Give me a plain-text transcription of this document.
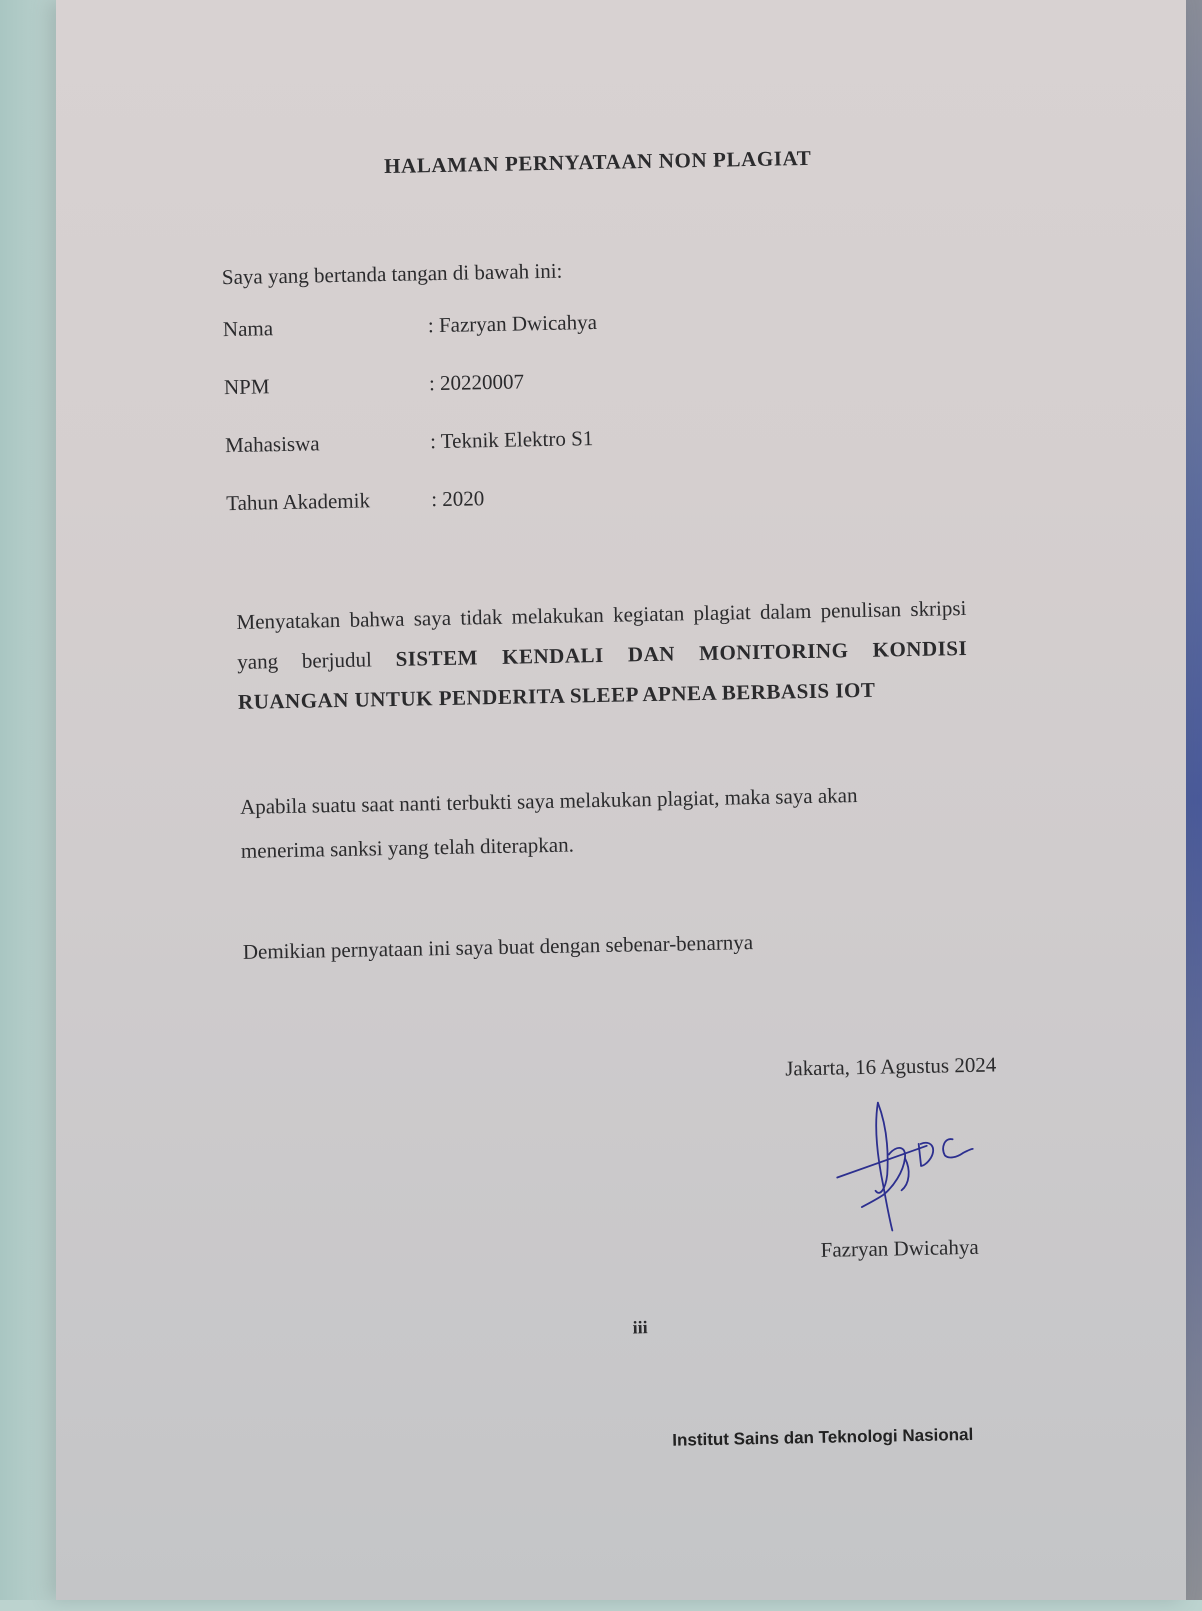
HALAMAN PERNYATAAN NON PLAGIAT
Saya yang bertanda tangan di bawah ini:
Nama	: Fazryan Dwicahya
NPM	: 20220007
Mahasiswa	: Teknik Elektro S1
Tahun Akademik	: 2020
Menyatakan bahwa saya tidak melakukan kegiatan plagiat dalam penulisan skripsi
yang berjudul SISTEM KENDALI DAN MONITORING KONDISI
RUANGAN UNTUK PENDERITA SLEEP APNEA BERBASIS IOT
Apabila suatu saat nanti terbukti saya melakukan plagiat, maka saya akan
menerima sanksi yang telah diterapkan.
Demikian pernyataan ini saya buat dengan sebenar-benarnya
Jakarta, 16 Agustus 2024
Fazryan Dwicahya
iii
Institut Sains dan Teknologi Nasional
